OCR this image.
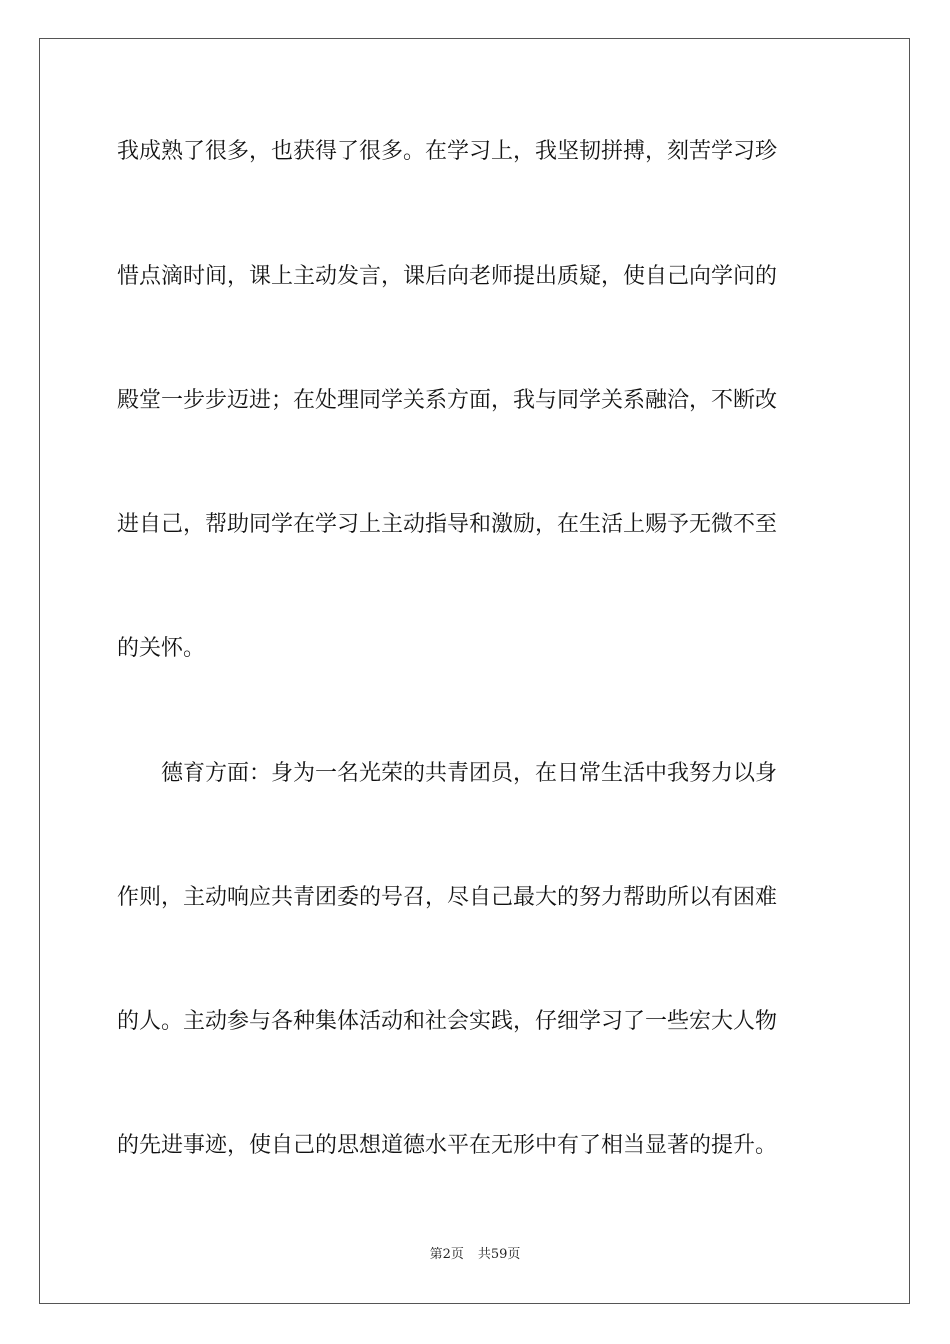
我成熟了很多，也获得了很多。在学习上，我坚韧拼搏，刻苦学习珍
惜点滴时间，课上主动发言，课后向老师提出质疑，使自己向学问的
殿堂一步步迈进；在处理同学关系方面，我与同学关系融洽，不断改
进自己，帮助同学在学习上主动指导和激励，在生活上赐予无微不至
的关怀。
德育方面：身为一名光荣的共青团员，在日常生活中我努力以身
作则，主动响应共青团委的号召，尽自己最大的努力帮助所以有困难
的人。主动参与各种集体活动和社会实践，仔细学习了一些宏大人物
的先进事迹，使自己的思想道德水平在无形中有了相当显著的提升。
第2页 共59页
